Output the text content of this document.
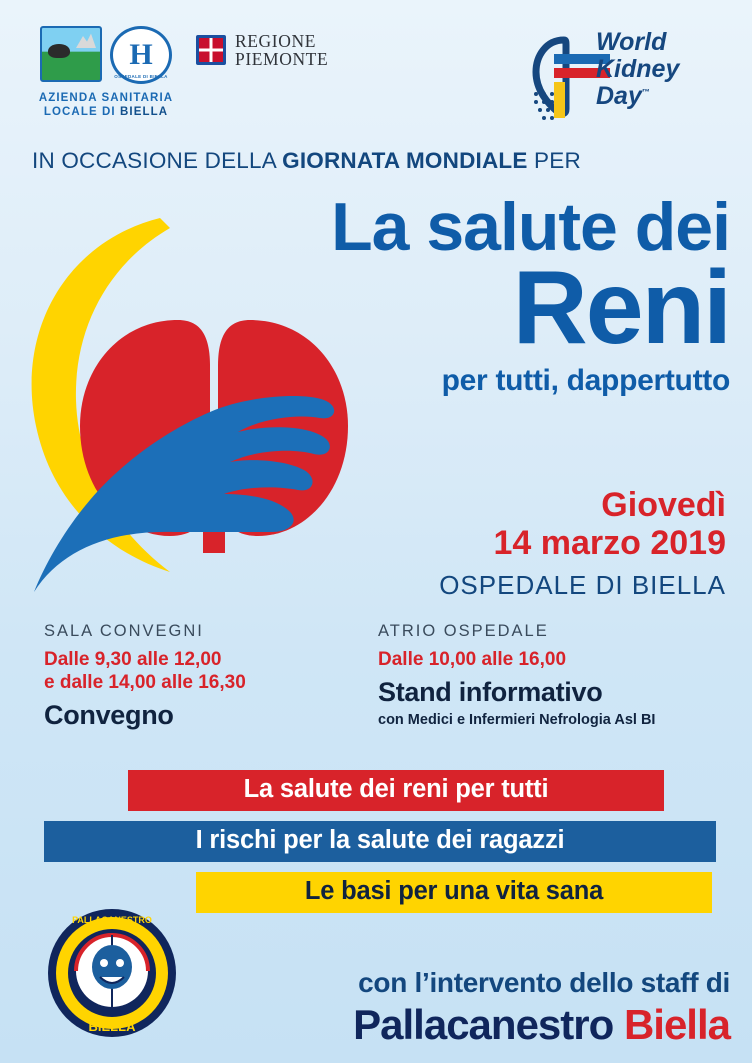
H
OSPEDALE DI BIELLA
AZIENDA SANITARIA
LOCALE DI BIELLA
REGIONE
PIEMONTE
World
Kidney
Day™
IN OCCASIONE DELLA GIORNATA MONDIALE PER
La salute dei
Reni
per tutti, dappertutto
Giovedì
14 marzo 2019
OSPEDALE DI BIELLA
SALA CONVEGNI
Dalle 9,30 alle 12,00
e dalle 14,00 alle 16,30
Convegno
ATRIO OSPEDALE
Dalle 10,00 alle 16,00
Stand informativo
con Medici e Infermieri Nefrologia Asl BI
La salute dei reni per tutti
I rischi per la salute dei ragazzi
Le basi per una vita sana
PALLACANESTRO
BIELLA
con l’intervento dello staff di
Pallacanestro Biella
